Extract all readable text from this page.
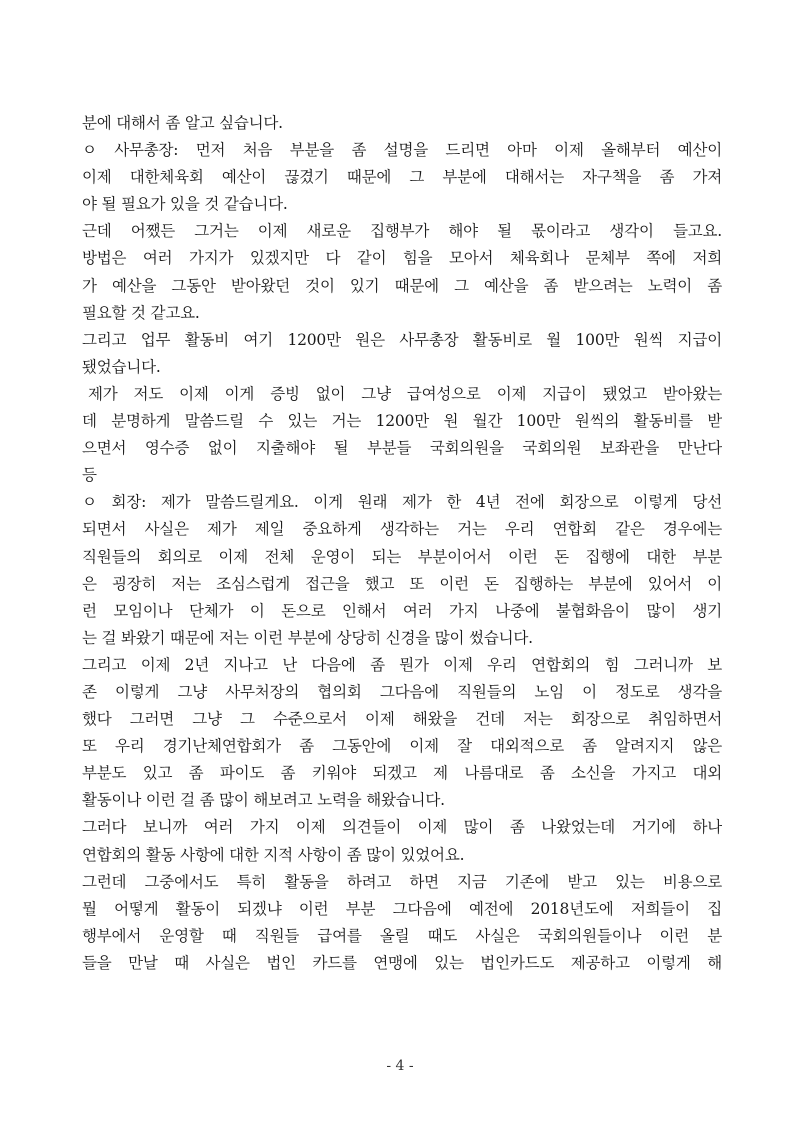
분에 대해서 좀 알고 싶습니다.
ㅇ 사무총장: 먼저 처음 부분을 좀 설명을 드리면 아마 이제 올해부터 예산이
이제 대한체육회 예산이 끊겼기 때문에 그 부분에 대해서는 자구책을 좀 가져
야 될 필요가 있을 것 같습니다.
근데 어쨌든 그거는 이제 새로운 집행부가 해야 될 몫이라고 생각이 들고요.
방법은 여러 가지가 있겠지만 다 같이 힘을 모아서 체육회나 문체부 쪽에 저희
가 예산을 그동안 받아왔던 것이 있기 때문에 그 예산을 좀 받으려는 노력이 좀
필요할 것 같고요.
그리고 업무 활동비 여기 1200만 원은 사무총장 활동비로 월 100만 원씩 지급이
됐었습니다.
제가 저도 이제 이게 증빙 없이 그냥 급여성으로 이제 지급이 됐었고 받아왔는
데 분명하게 말씀드릴 수 있는 거는 1200만 원 월간 100만 원씩의 활동비를 받
으면서 영수증 없이 지출해야 될 부분들 국회의원을 국회의원 보좌관을 만난다
등
ㅇ 회장: 제가 말씀드릴게요. 이게 원래 제가 한 4년 전에 회장으로 이렇게 당선
되면서 사실은 제가 제일 중요하게 생각하는 거는 우리 연합회 같은 경우에는
직원들의 회의로 이제 전체 운영이 되는 부분이어서 이런 돈 집행에 대한 부분
은 굉장히 저는 조심스럽게 접근을 했고 또 이런 돈 집행하는 부분에 있어서 이
런 모임이나 단체가 이 돈으로 인해서 여러 가지 나중에 불협화음이 많이 생기
는 걸 봐왔기 때문에 저는 이런 부분에 상당히 신경을 많이 썼습니다.
그리고 이제 2년 지나고 난 다음에 좀 뭔가 이제 우리 연합회의 힘 그러니까 보
존 이렇게 그냥 사무처장의 협의회 그다음에 직원들의 노임 이 정도로 생각을
했다 그러면 그냥 그 수준으로서 이제 해왔을 건데 저는 회장으로 취임하면서
또 우리 경기난체연합회가 좀 그동안에 이제 잘 대외적으로 좀 알려지지 않은
부분도 있고 좀 파이도 좀 키워야 되겠고 제 나름대로 좀 소신을 가지고 대외
활동이나 이런 걸 좀 많이 해보려고 노력을 해왔습니다.
그러다 보니까 여러 가지 이제 의견들이 이제 많이 좀 나왔었는데 거기에 하나
연합회의 활동 사항에 대한 지적 사항이 좀 많이 있었어요.
그런데 그중에서도 특히 활동을 하려고 하면 지금 기존에 받고 있는 비용으로
뭘 어떻게 활동이 되겠냐 이런 부분 그다음에 예전에 2018년도에 저희들이 집
행부에서 운영할 때 직원들 급여를 올릴 때도 사실은 국회의원들이나 이런 분
들을 만날 때 사실은 법인 카드를 연맹에 있는 법인카드도 제공하고 이렇게 해
- 4 -
